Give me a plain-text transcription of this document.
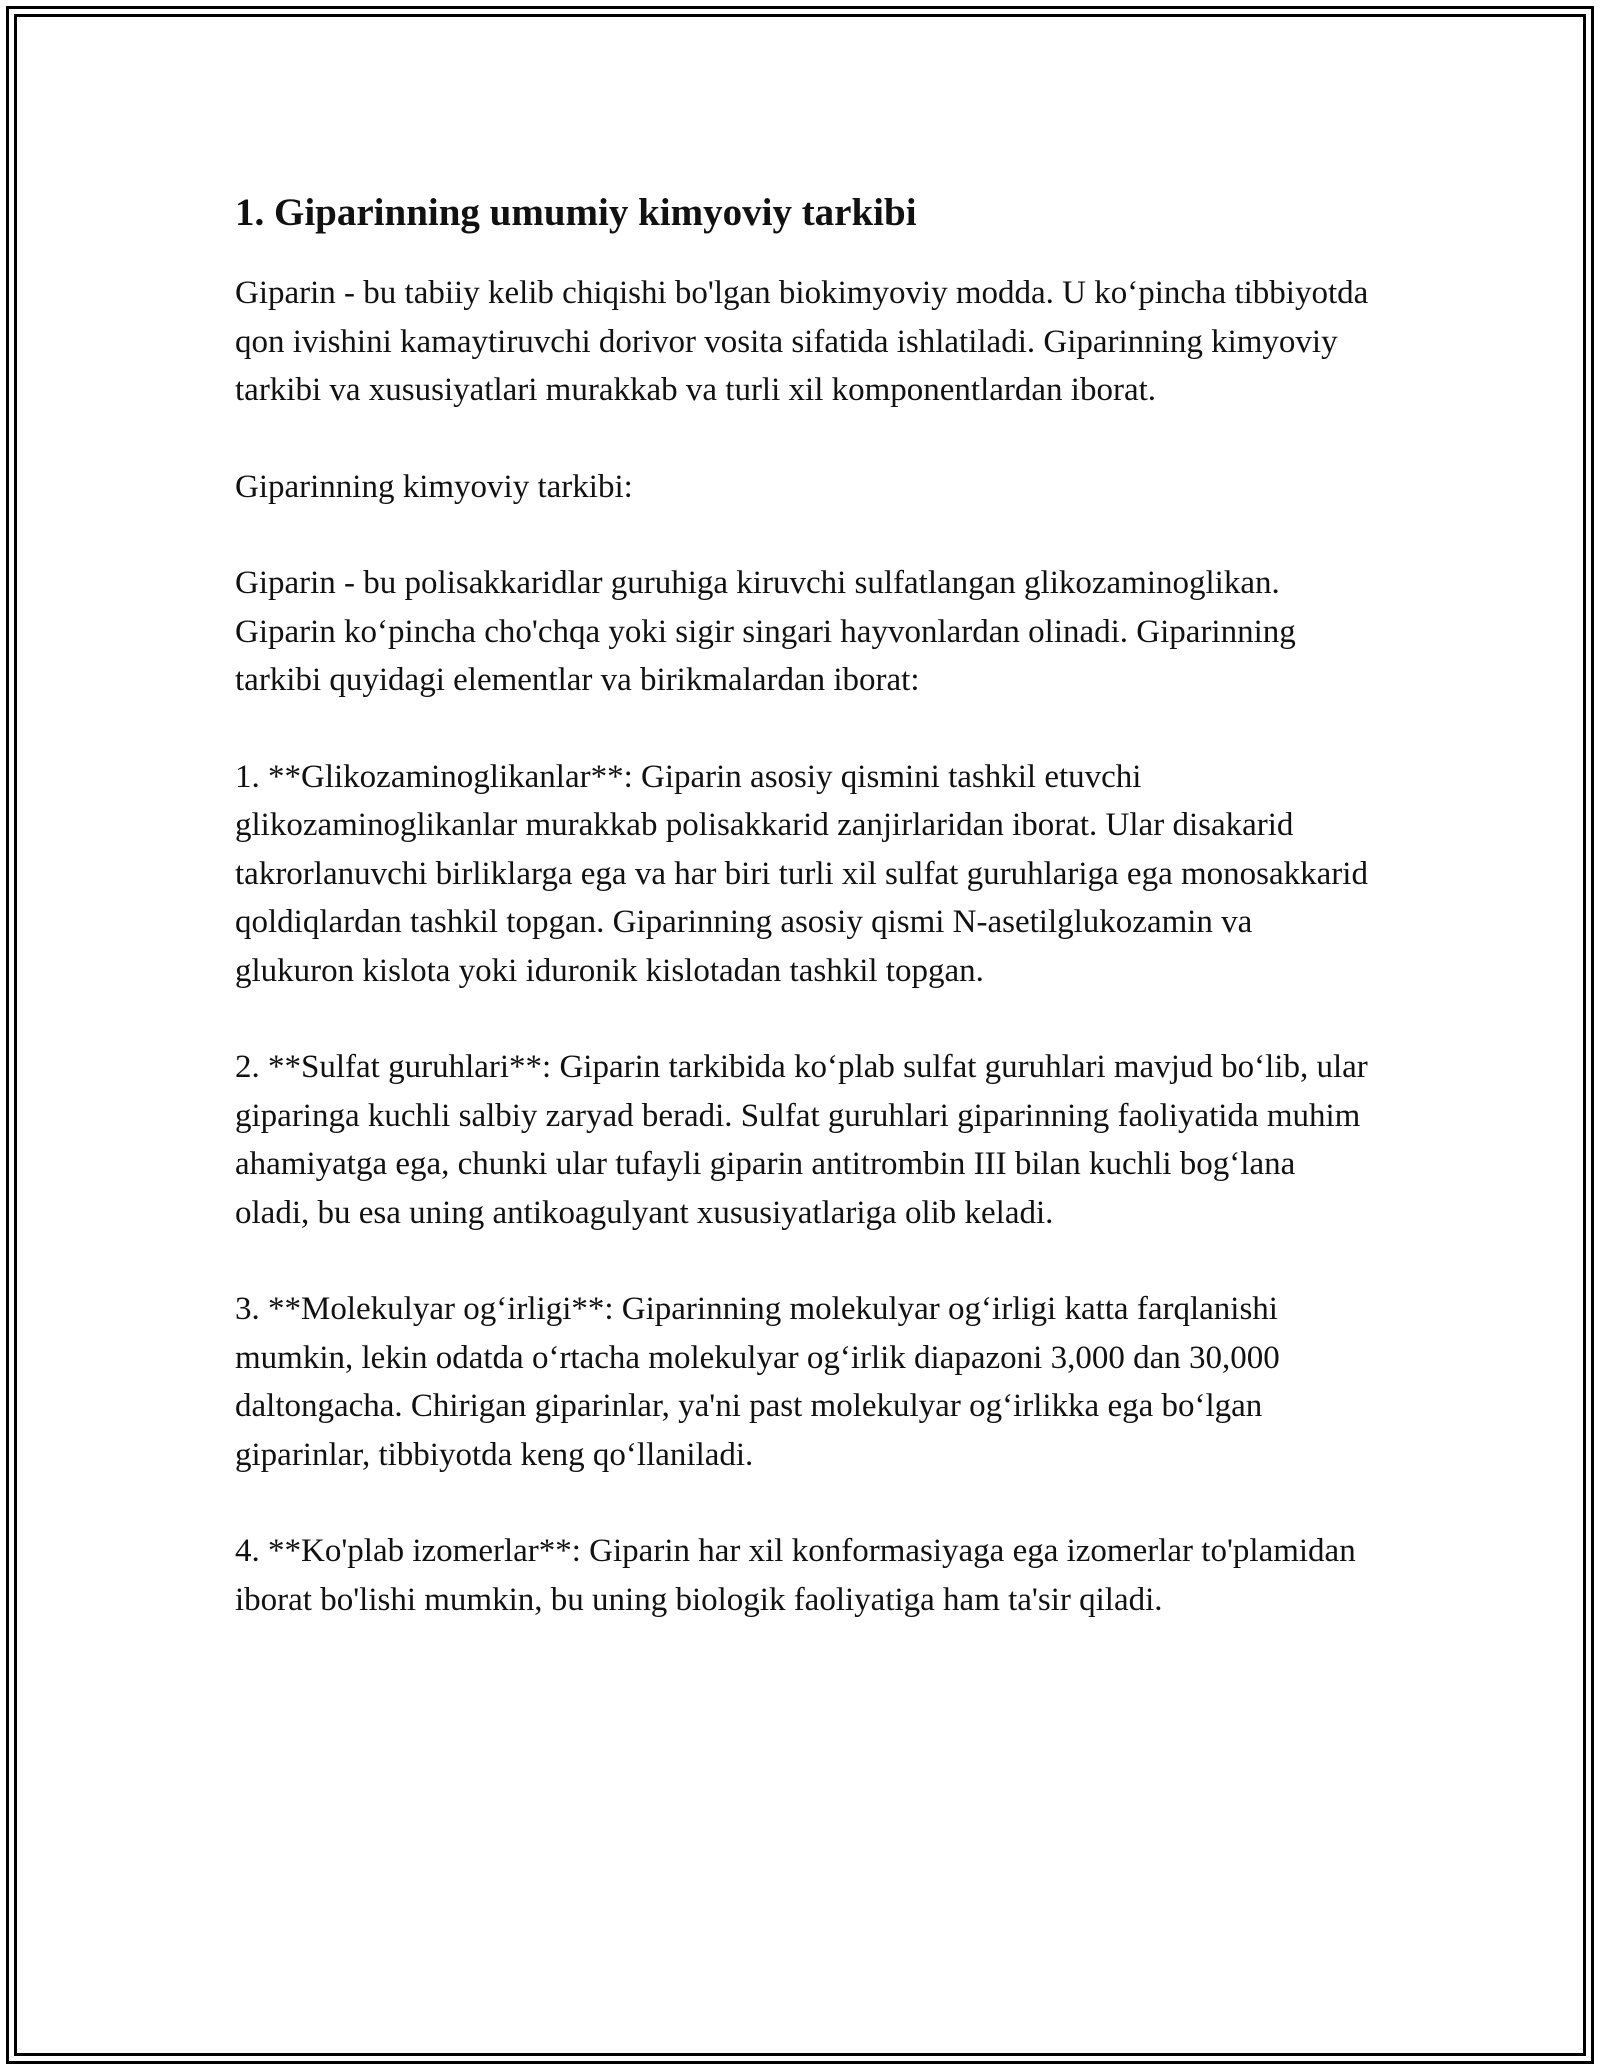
1. Giparinning umumiy kimyoviy tarkibi

Giparin - bu tabiiy kelib chiqishi bo'lgan biokimyoviy modda. U ko‘pincha tibbiyotda qon ivishini kamaytiruvchi dorivor vosita sifatida ishlatiladi. Giparinning kimyoviy tarkibi va xususiyatlari murakkab va turli xil komponentlardan iborat.

Giparinning kimyoviy tarkibi:

Giparin - bu polisakkaridlar guruhiga kiruvchi sulfatlangan glikozaminoglikan. Giparin ko‘pincha cho'chqa yoki sigir singari hayvonlardan olinadi. Giparinning tarkibi quyidagi elementlar va birikmalardan iborat:

1. **Glikozaminoglikanlar**: Giparin asosiy qismini tashkil etuvchi glikozaminoglikanlar murakkab polisakkarid zanjirlaridan iborat. Ular disakarid takrorlanuvchi birliklarga ega va har biri turli xil sulfat guruhlariga ega monosakkarid qoldiqlardan tashkil topgan. Giparinning asosiy qismi N-asetilglukozamin va glukuron kislota yoki iduronik kislotadan tashkil topgan.

2. **Sulfat guruhlari**: Giparin tarkibida ko‘plab sulfat guruhlari mavjud bo‘lib, ular giparinga kuchli salbiy zaryad beradi. Sulfat guruhlari giparinning faoliyatida muhim ahamiyatga ega, chunki ular tufayli giparin antitrombin III bilan kuchli bog‘lana oladi, bu esa uning antikoagulyant xususiyatlariga olib keladi.

3. **Molekulyar og‘irligi**: Giparinning molekulyar og‘irligi katta farqlanishi mumkin, lekin odatda o‘rtacha molekulyar og‘irlik diapazoni 3,000 dan 30,000 daltongacha. Chirigan giparinlar, ya'ni past molekulyar og‘irlikka ega bo‘lgan giparinlar, tibbiyotda keng qo‘llaniladi.

4. **Ko'plab izomerlar**: Giparin har xil konformasiyaga ega izomerlar to'plamidan iborat bo'lishi mumkin, bu uning biologik faoliyatiga ham ta'sir qiladi.
